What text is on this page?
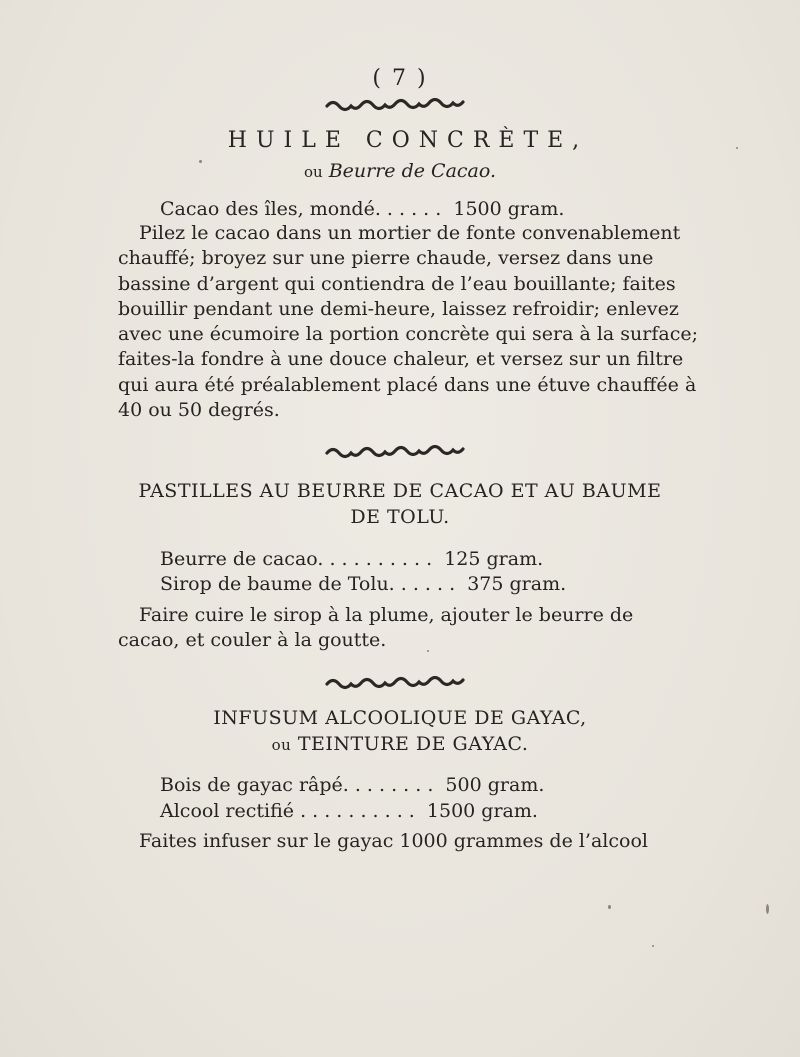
( 7 )
HUILE CONCRÈTE,
ou Beurre de Cacao.
Cacao des îles, mondé. . . . . .  1500 gram.
Pilez le cacao dans un mortier de fonte convenablement
chauffé; broyez sur une pierre chaude, versez dans une
bassine d’argent qui contiendra de l’eau bouillante; faites
bouillir pendant une demi-heure, laissez refroidir; enlevez
avec une écumoire la portion concrète qui sera à la surface;
faites-la fondre à une douce chaleur, et versez sur un filtre
qui aura été préalablement placé dans une étuve chauffée à
40 ou 50 degrés.
PASTILLES AU BEURRE DE CACAO ET AU BAUME
DE TOLU.
Beurre de cacao. . . . . . . . . .  125 gram.
Sirop de baume de Tolu. . . . . .  375 gram.
Faire cuire le sirop à la plume, ajouter le beurre de
cacao, et couler à la goutte.
INFUSUM ALCOOLIQUE DE GAYAC,
ou TEINTURE DE GAYAC.
Bois de gayac râpé. . . . . . . .  500 gram.
Alcool rectifié . . . . . . . . . .  1500 gram.
Faites infuser sur le gayac 1000 grammes de l’alcool
